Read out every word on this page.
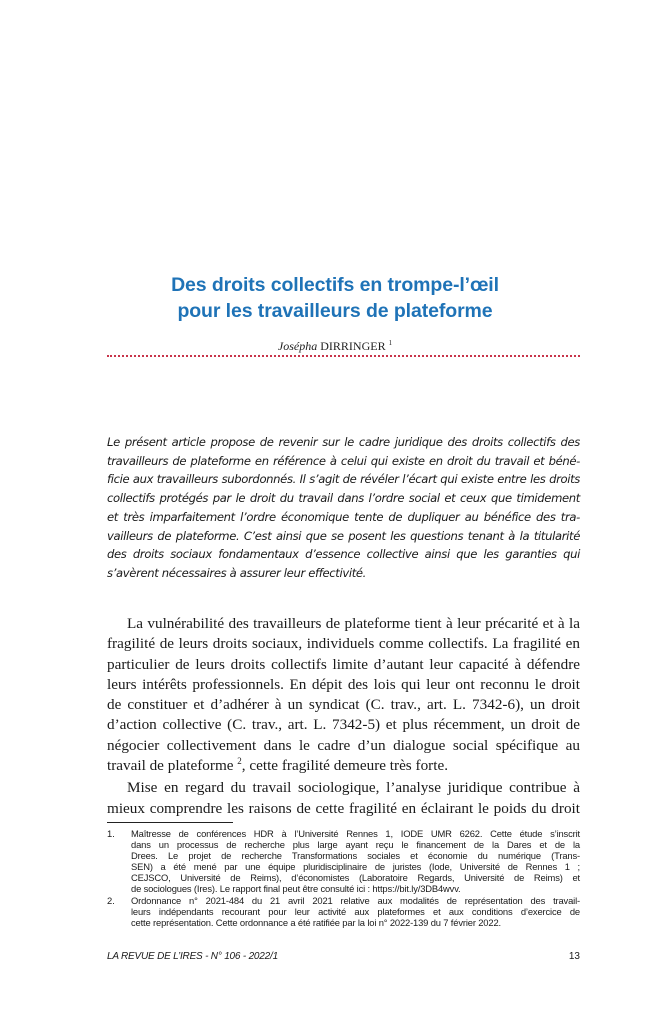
Des droits collectifs en trompe-l’œil
pour les travailleurs de plateforme
Josépha DIRRINGER $^1$
Le présent article propose de revenir sur le cadre juridique des droits collectifs des
travailleurs de plateforme en référence à celui qui existe en droit du travail et béné-
ficie aux travailleurs subordonnés. Il s’agit de révéler l’écart qui existe entre les droits
collectifs protégés par le droit du travail dans l’ordre social et ceux que timidement
et très imparfaitement l’ordre économique tente de dupliquer au bénéfice des tra-
vailleurs de plateforme. C’est ainsi que se posent les questions tenant à la titularité
des droits sociaux fondamentaux d’essence collective ainsi que les garanties qui
s’avèrent nécessaires à assurer leur effectivité.
La vulnérabilité des travailleurs de plateforme tient à leur précarité et à la
fragilité de leurs droits sociaux, individuels comme collectifs. La fragilité en
particulier de leurs droits collectifs limite d’autant leur capacité à défendre
leurs intérêts professionnels. En dépit des lois qui leur ont reconnu le droit
de constituer et d’adhérer à un syndicat (C. trav., art. L. 7342-6), un droit
d’action collective (C. trav., art. L. 7342-5) et plus récemment, un droit de
négocier collectivement dans le cadre d’un dialogue social spécifique au
travail de plateforme $^2$, cette fragilité demeure très forte.
Mise en regard du travail sociologique, l’analyse juridique contribue à
mieux comprendre les raisons de cette fragilité en éclairant le poids du droit
1.	Maîtresse de conférences HDR à l’Université Rennes 1, IODE UMR 6262. Cette étude s’inscrit
dans un processus de recherche plus large ayant reçu le financement de la Dares et de la
Drees. Le projet de recherche Transformations sociales et économie du numérique (Trans-
SEN) a été mené par une équipe pluridisciplinaire de juristes (Iode, Université de Rennes 1 ;
CEJSCO, Université de Reims), d’économistes (Laboratoire Regards, Université de Reims) et
de sociologues (Ires). Le rapport final peut être consulté ici : https://bit.ly/3DB4wvv.
2.	Ordonnance n° 2021-484 du 21 avril 2021 relative aux modalités de représentation des travail-
leurs indépendants recourant pour leur activité aux plateformes et aux conditions d’exercice de
cette représentation. Cette ordonnance a été ratifiée par la loi n° 2022-139 du 7 février 2022.
LA REVUE DE L’IRES - N° 106 - 2022/1	13
